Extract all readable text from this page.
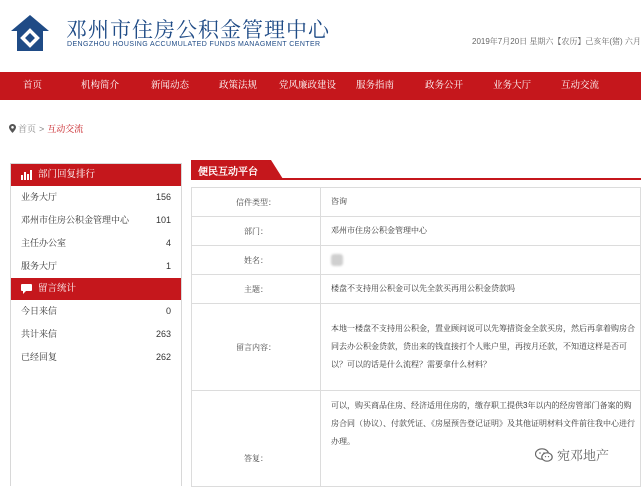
邓州市住房公积金管理中心
DENGZHOU HOUSING ACCUMULATED FUNDS MANAGMENT CENTER	2019年7月20日 星期六【农历】己亥年(猪) 六月
首页	机构简介	新闻动态	政策法规 党风廉政建设 服务指南	政务公开	业务大厅	互动交流
首页 > 互动交流
部门回复排行
业务大厅	156
邓州市住房公积金管理中心	101
主任办公室	4
服务大厅	1
留言统计
今日来信	0
共计来信	263
已经回复	262
便民互动平台
信件类型：	咨询
部门：	邓州市住房公积金管理中心
姓名：	
主题：	楼盘不支持用公积金可以先全款买再用公积金贷款吗
留言内容：	本地一楼盘不支持用公积金，置业顾问说可以先筹措资金全款买房，然后再拿着购房合同去办公积金贷款，贷出来的钱直接打个人账户里，再按月还款，不知道这样是否可以？可以的话是什么流程？需要拿什么材料？
答复：	可以，购买商品住房、经济适用住房的，缴存职工提供3年以内的经房管部门备案的购房合同（协议）、付款凭证、《房屋预告登记证明》及其他证明材料文件前往我中心进行办理。
宛邓地产
